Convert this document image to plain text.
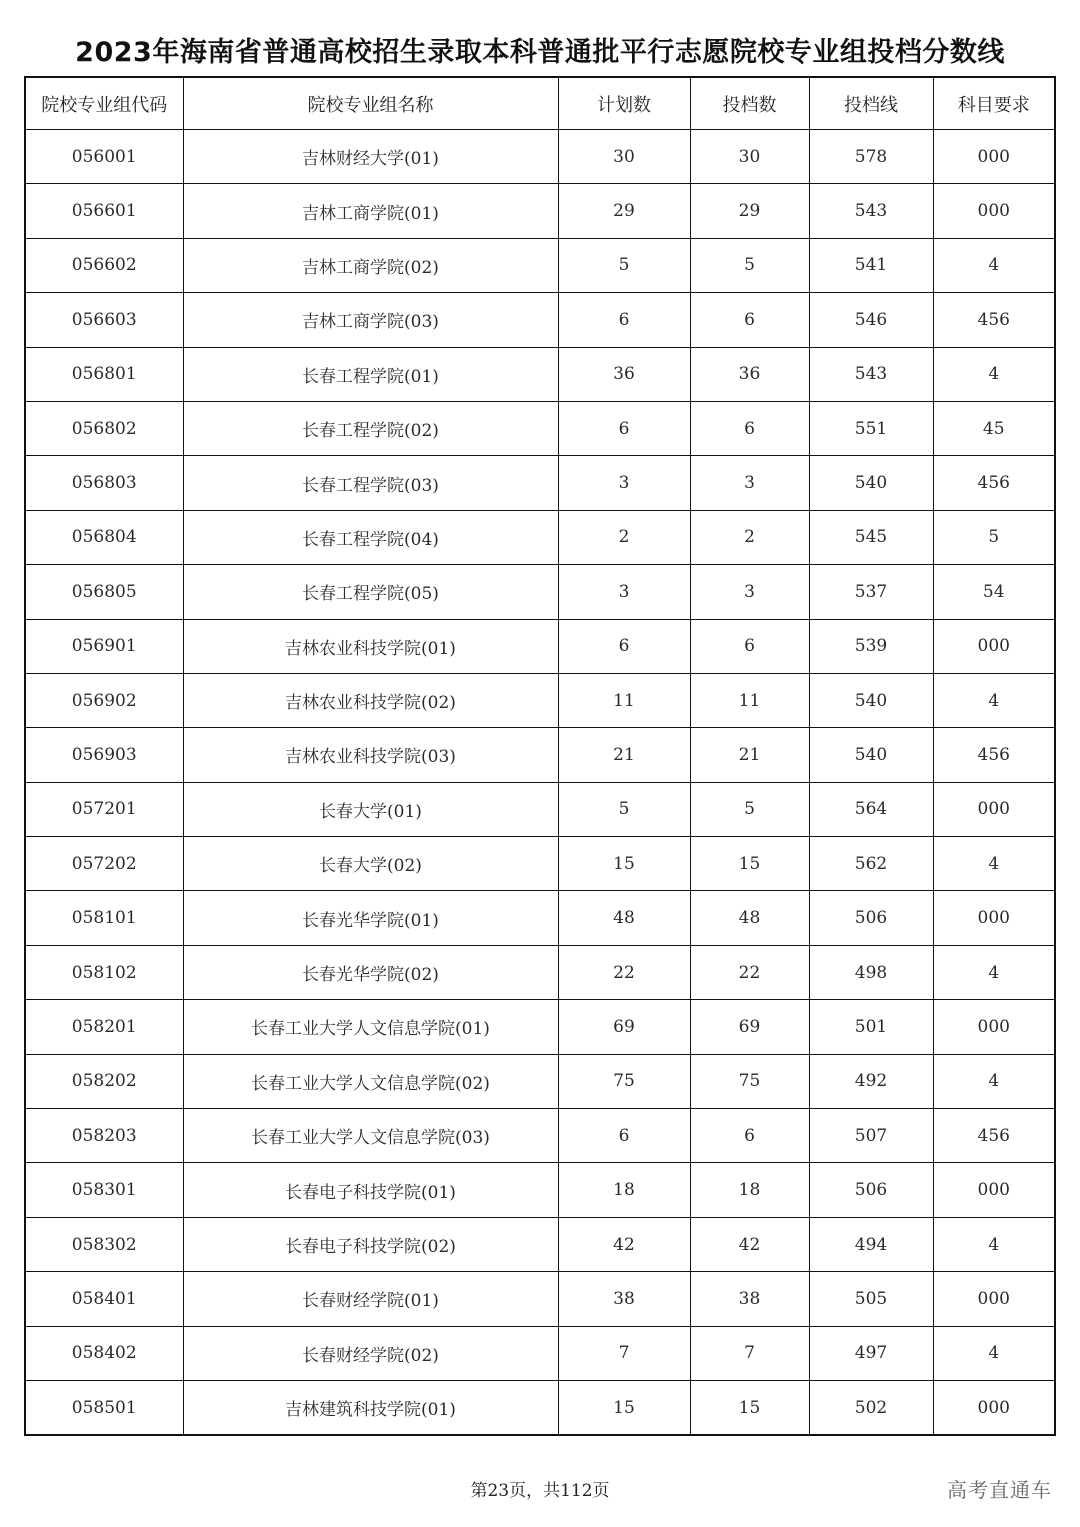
2023年海南省普通高校招生录取本科普通批平行志愿院校专业组投档分数线
院校专业组代码	院校专业组名称	计划数	投档数	投档线	科目要求
056001	吉林财经大学(01)	30	30	578	000
056601	吉林工商学院(01)	29	29	543	000
056602	吉林工商学院(02)	5	5	541	4
056603	吉林工商学院(03)	6	6	546	456
056801	长春工程学院(01)	36	36	543	4
056802	长春工程学院(02)	6	6	551	45
056803	长春工程学院(03)	3	3	540	456
056804	长春工程学院(04)	2	2	545	5
056805	长春工程学院(05)	3	3	537	54
056901	吉林农业科技学院(01)	6	6	539	000
056902	吉林农业科技学院(02)	11	11	540	4
056903	吉林农业科技学院(03)	21	21	540	456
057201	长春大学(01)	5	5	564	000
057202	长春大学(02)	15	15	562	4
058101	长春光华学院(01)	48	48	506	000
058102	长春光华学院(02)	22	22	498	4
058201	长春工业大学人文信息学院(01)	69	69	501	000
058202	长春工业大学人文信息学院(02)	75	75	492	4
058203	长春工业大学人文信息学院(03)	6	6	507	456
058301	长春电子科技学院(01)	18	18	506	000
058302	长春电子科技学院(02)	42	42	494	4
058401	长春财经学院(01)	38	38	505	000
058402	长春财经学院(02)	7	7	497	4
058501	吉林建筑科技学院(01)	15	15	502	000
第23页，共112页	高考直通车
